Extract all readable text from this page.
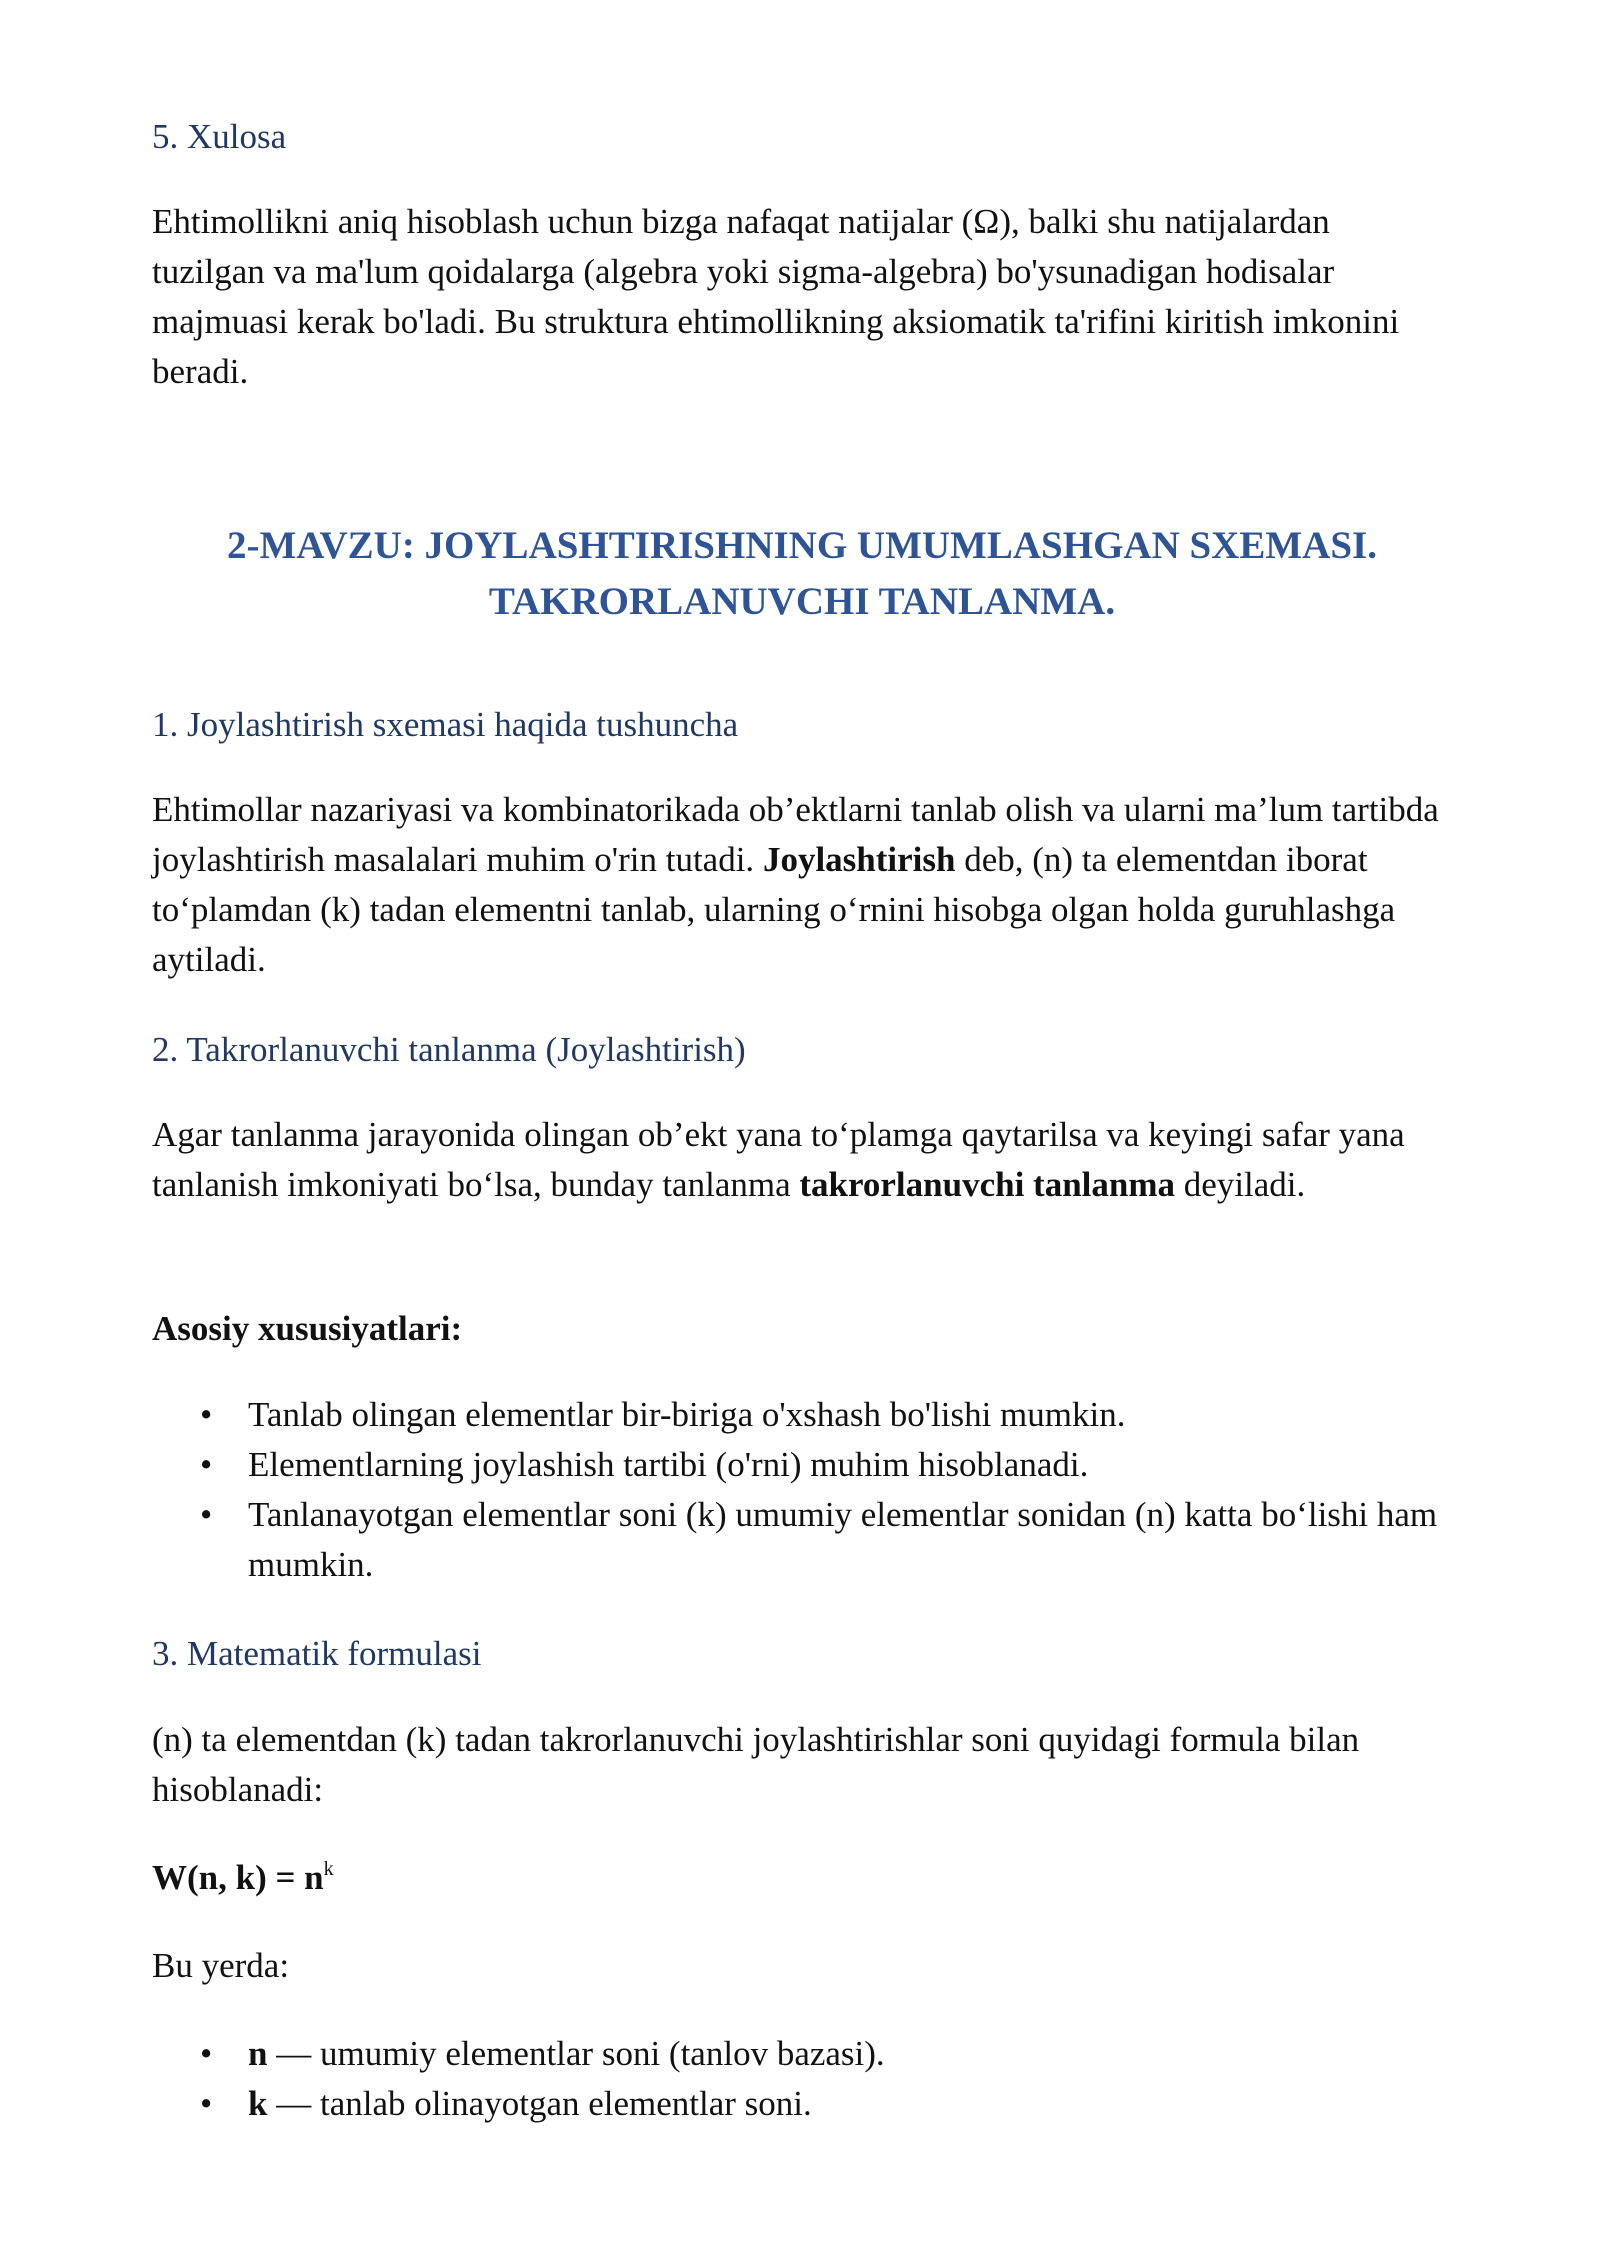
5. Xulosa

Ehtimollikni aniq hisoblash uchun bizga nafaqat natijalar (Ω), balki shu natijalardan tuzilgan va ma'lum qoidalarga (algebra yoki sigma-algebra) bo'ysunadigan hodisalar majmuasi kerak bo'ladi. Bu struktura ehtimollikning aksiomatik ta'rifini kiritish imkonini beradi.

2-MAVZU: JOYLASHTIRISHNING UMUMLASHGAN SXEMASI.

TAKRORLANUVCHI TANLANMA.

1. Joylashtirish sxemasi haqida tushuncha

Ehtimollar nazariyasi va kombinatorikada ob’ektlarni tanlab olish va ularni ma’lum tartibda joylashtirish masalalari muhim o'rin tutadi. Joylashtirish deb, (n) ta elementdan iborat to‘plamdan (k) tadan elementni tanlab, ularning o‘rnini hisobga olgan holda guruhlashga aytiladi.

2. Takrorlanuvchi tanlanma (Joylashtirish)

Agar tanlanma jarayonida olingan ob’ekt yana to‘plamga qaytarilsa va keyingi safar yana tanlanish imkoniyati bo‘lsa, bunday tanlanma takrorlanuvchi tanlanma deyiladi.

Asosiy xususiyatlari:

• Tanlab olingan elementlar bir-biriga o'xshash bo'lishi mumkin.
• Elementlarning joylashish tartibi (o'rni) muhim hisoblanadi.
• Tanlanayotgan elementlar soni (k) umumiy elementlar sonidan (n) katta bo‘lishi ham mumkin.

3. Matematik formulasi

(n) ta elementdan (k) tadan takrorlanuvchi joylashtirishlar soni quyidagi formula bilan hisoblanadi:

W(n, $k) = n^k$

Bu yerda:

• n — umumiy elementlar soni (tanlov bazasi).
• k — tanlab olinayotgan elementlar soni.
